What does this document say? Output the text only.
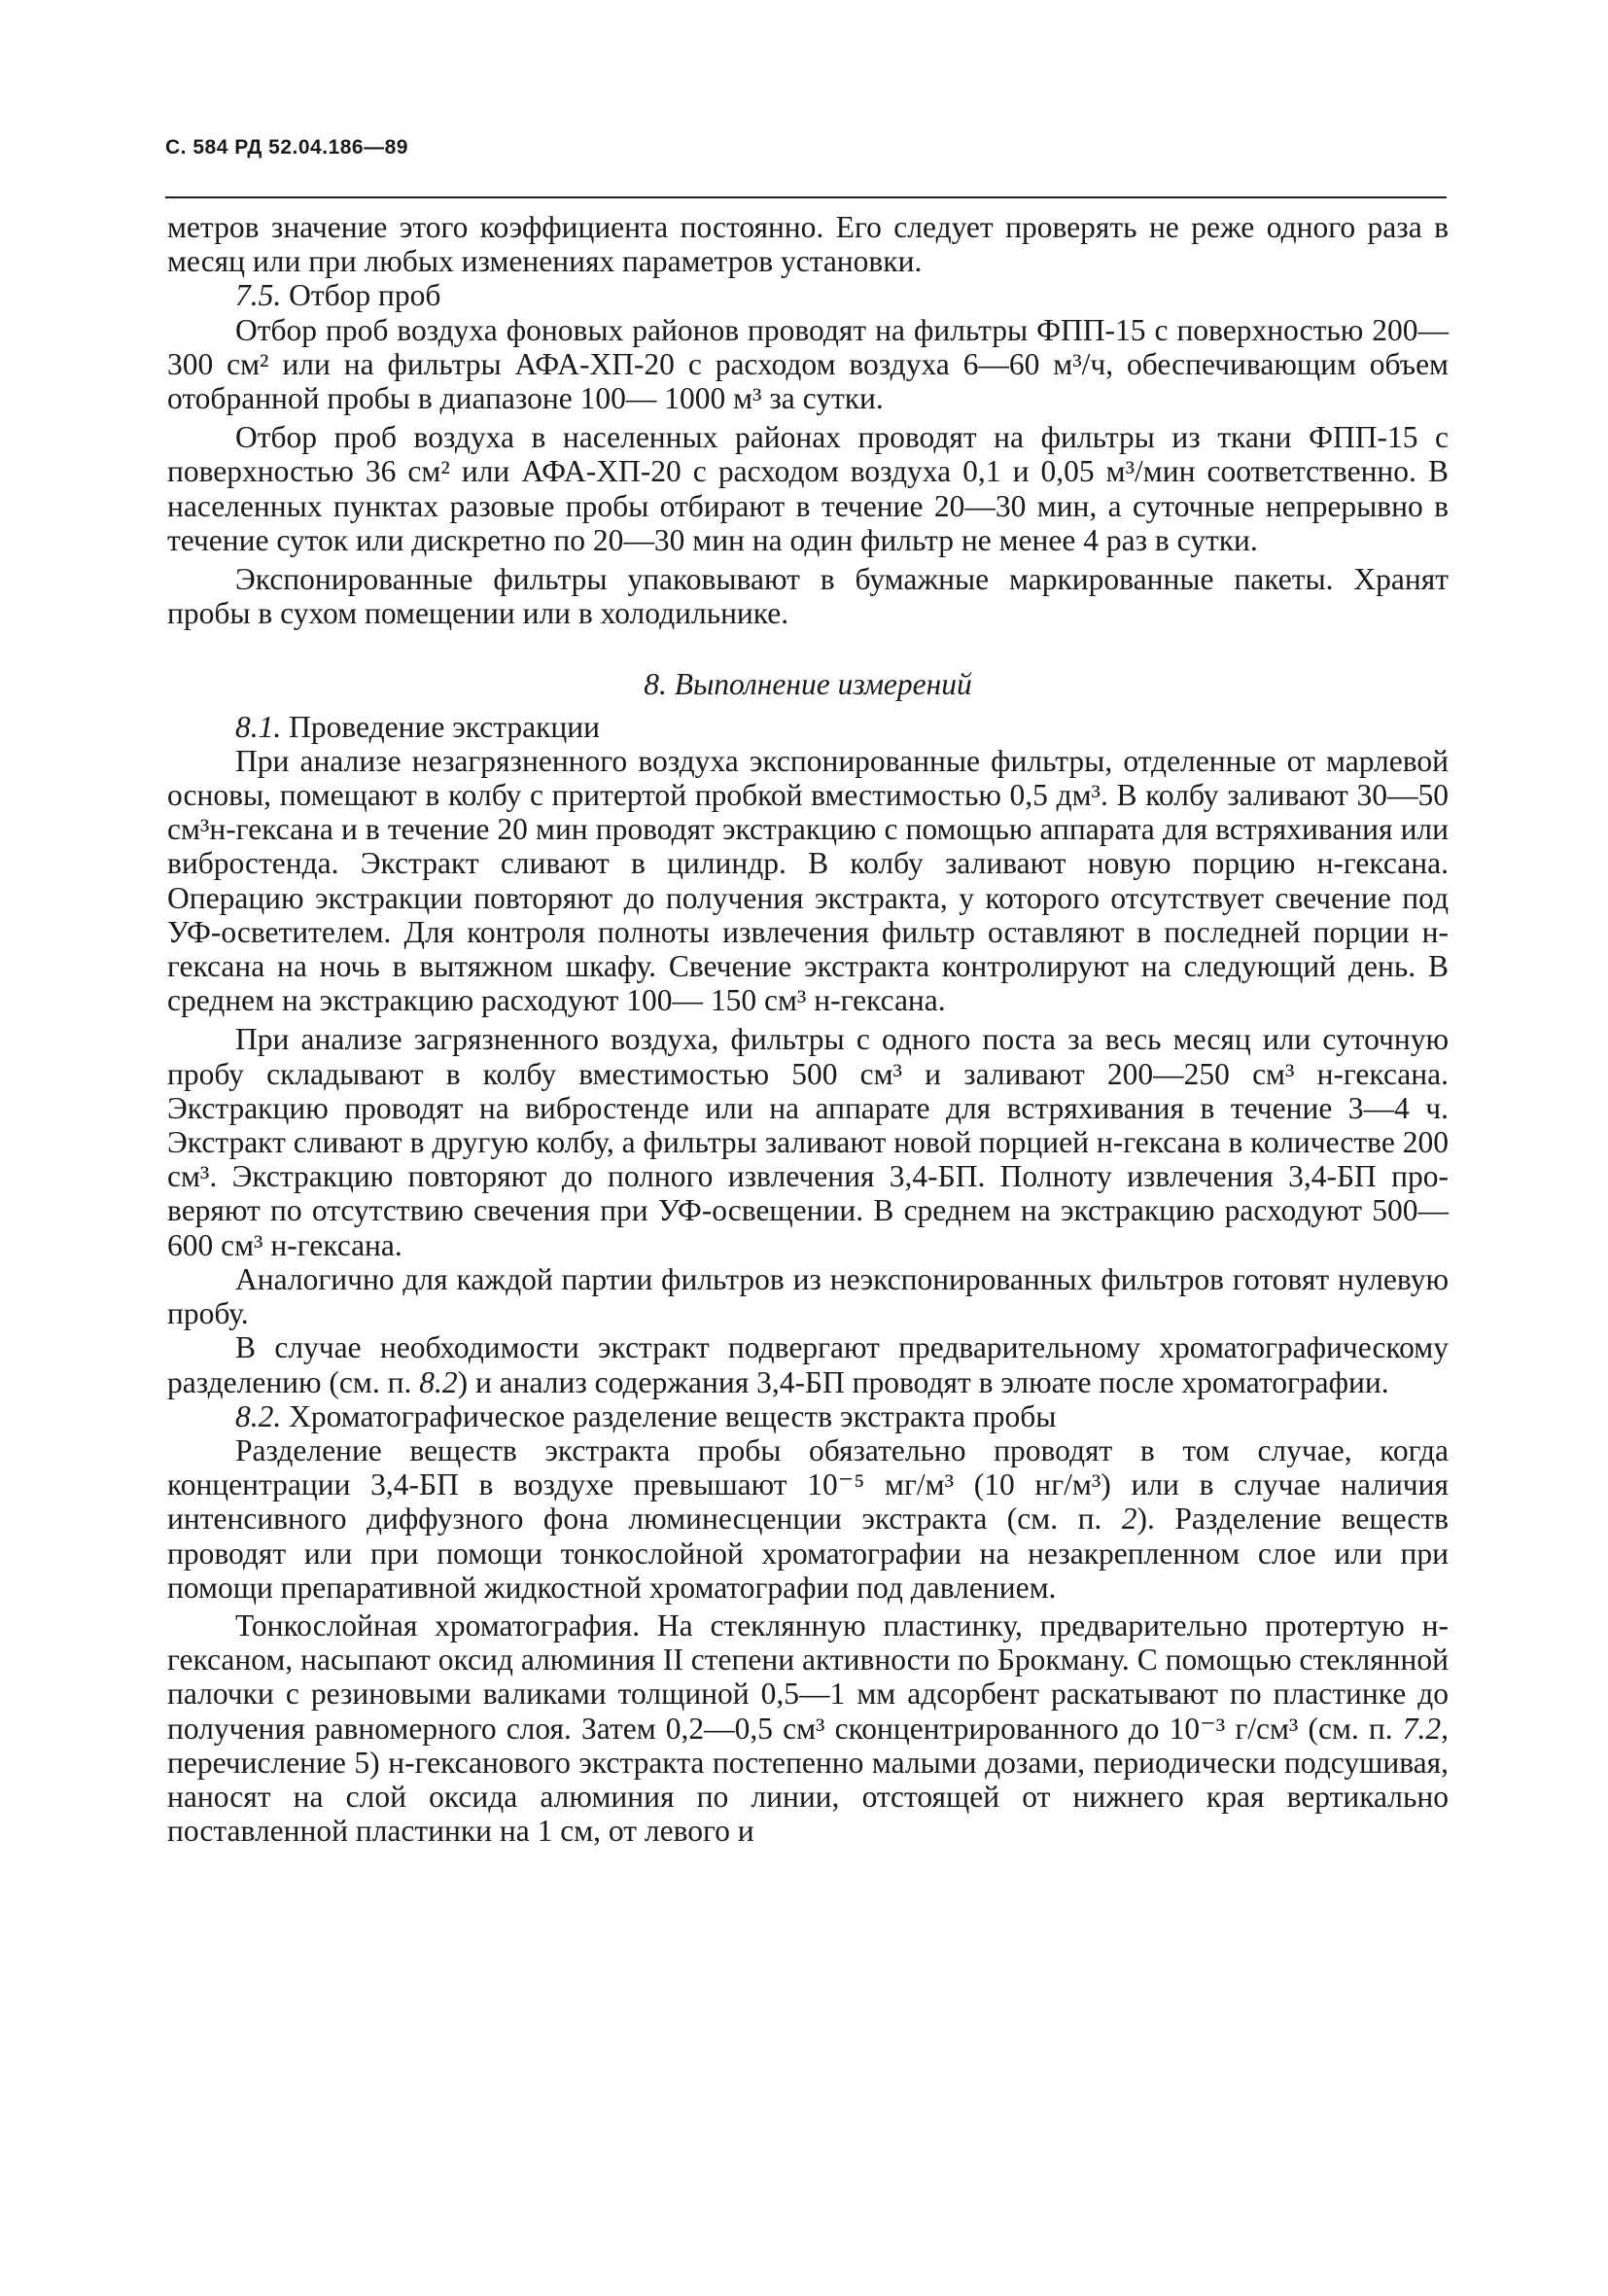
С. 584 РД 52.04.186—89

метров значение этого коэффициента постоянно. Его следует проверять не реже одного раза в месяц или при любых изменениях параметров установки.

7.5. Отбор проб

Отбор проб воздуха фоновых районов проводят на фильтры ФПП-15 с поверхностью 200—300 см² или на фильтры АФА-ХП-20 с расходом воздуха 6—60 м³/ч, обеспечивающим объем отобранной пробы в диапазоне 100— 1000 м³ за сутки.

Отбор проб воздуха в населенных районах проводят на фильтры из ткани ФПП-15 с поверхностью 36 см² или АФА-ХП-20 с расходом воздуха 0,1 и 0,05 м³/мин соответственно. В населенных пунктах разовые пробы отбирают в течение 20—30 мин, а суточные непрерывно в течение суток или дискретно по 20—30 мин на один фильтр не менее 4 раз в сутки.

Экспонированные фильтры упаковывают в бумажные маркированные пакеты. Хранят пробы в сухом помещении или в холодильнике.

8. Выполнение измерений

8.1. Проведение экстракции

При анализе незагрязненного воздуха экспонированные фильтры, отделенные от марлевой основы, помещают в колбу с притертой пробкой вместимостью 0,5 дм³. В колбу заливают 30—50 см³н-гексана и в течение 20 мин проводят экстракцию с помощью аппарата для встряхивания или вибростенда. Экстракт сливают в цилиндр. В колбу заливают новую порцию н-гексана. Операцию экстракции повторяют до получения экстракта, у которого отсутствует свечение под УФ-осветителем. Для контроля полноты извлечения фильтр оставляют в последней порции н-гексана на ночь в вытяжном шкафу. Свечение экстракта контролируют на следующий день. В среднем на экстракцию расходуют 100— 150 см³ н-гексана.

При анализе загрязненного воздуха, фильтры с одного поста за весь месяц или суточную пробу складывают в колбу вместимостью 500 см³ и заливают 200—250 см³ н-гексана. Экстракцию проводят на вибростенде или на аппарате для встряхивания в течение 3—4 ч. Экстракт сливают в другую колбу, а фильтры заливают новой порцией н-гексана в количестве 200 см³. Экстракцию повторяют до полного извлечения 3,4-БП. Полноту извлечения 3,4-БП проверяют по отсутствию свечения при УФ-освещении. В среднем на экстракцию расходуют 500—600 см³ н-гексана.

Аналогично для каждой партии фильтров из неэкспонированных фильтров готовят нулевую пробу.

В случае необходимости экстракт подвергают предварительному хроматографическому разделению (см. п. 8.2) и анализ содержания 3,4-БП проводят в элюате после хроматографии.

8.2. Хроматографическое разделение веществ экстракта пробы

Разделение веществ экстракта пробы обязательно проводят в том случае, когда концентрации 3,4-БП в воздухе превышают 10⁻⁵ мг/м³ (10 нг/м³) или в случае наличия интенсивного диффузного фона люминесценции экстракта (см. п. 2). Разделение веществ проводят или при помощи тонкослойной хроматографии на незакрепленном слое или при помощи препаративной жидкостной хроматографии под давлением.

Тонкослойная хроматография. На стеклянную пластинку, предварительно протертую н-гексаном, насыпают оксид алюминия II степени активности по Брокману. С помощью стеклянной палочки с резиновыми валиками толщиной 0,5—1 мм адсорбент раскатывают по пластинке до получения равномерного слоя. Затем 0,2—0,5 см³ сконцентрированного до 10⁻³ г/см³ (см. п. 7.2, перечисление 5) н-гексанового экстракта постепенно малыми дозами, периодически подсушивая, наносят на слой оксида алюминия по линии, отстоящей от нижнего края вертикально поставленной пластинки на 1 см, от левого и
